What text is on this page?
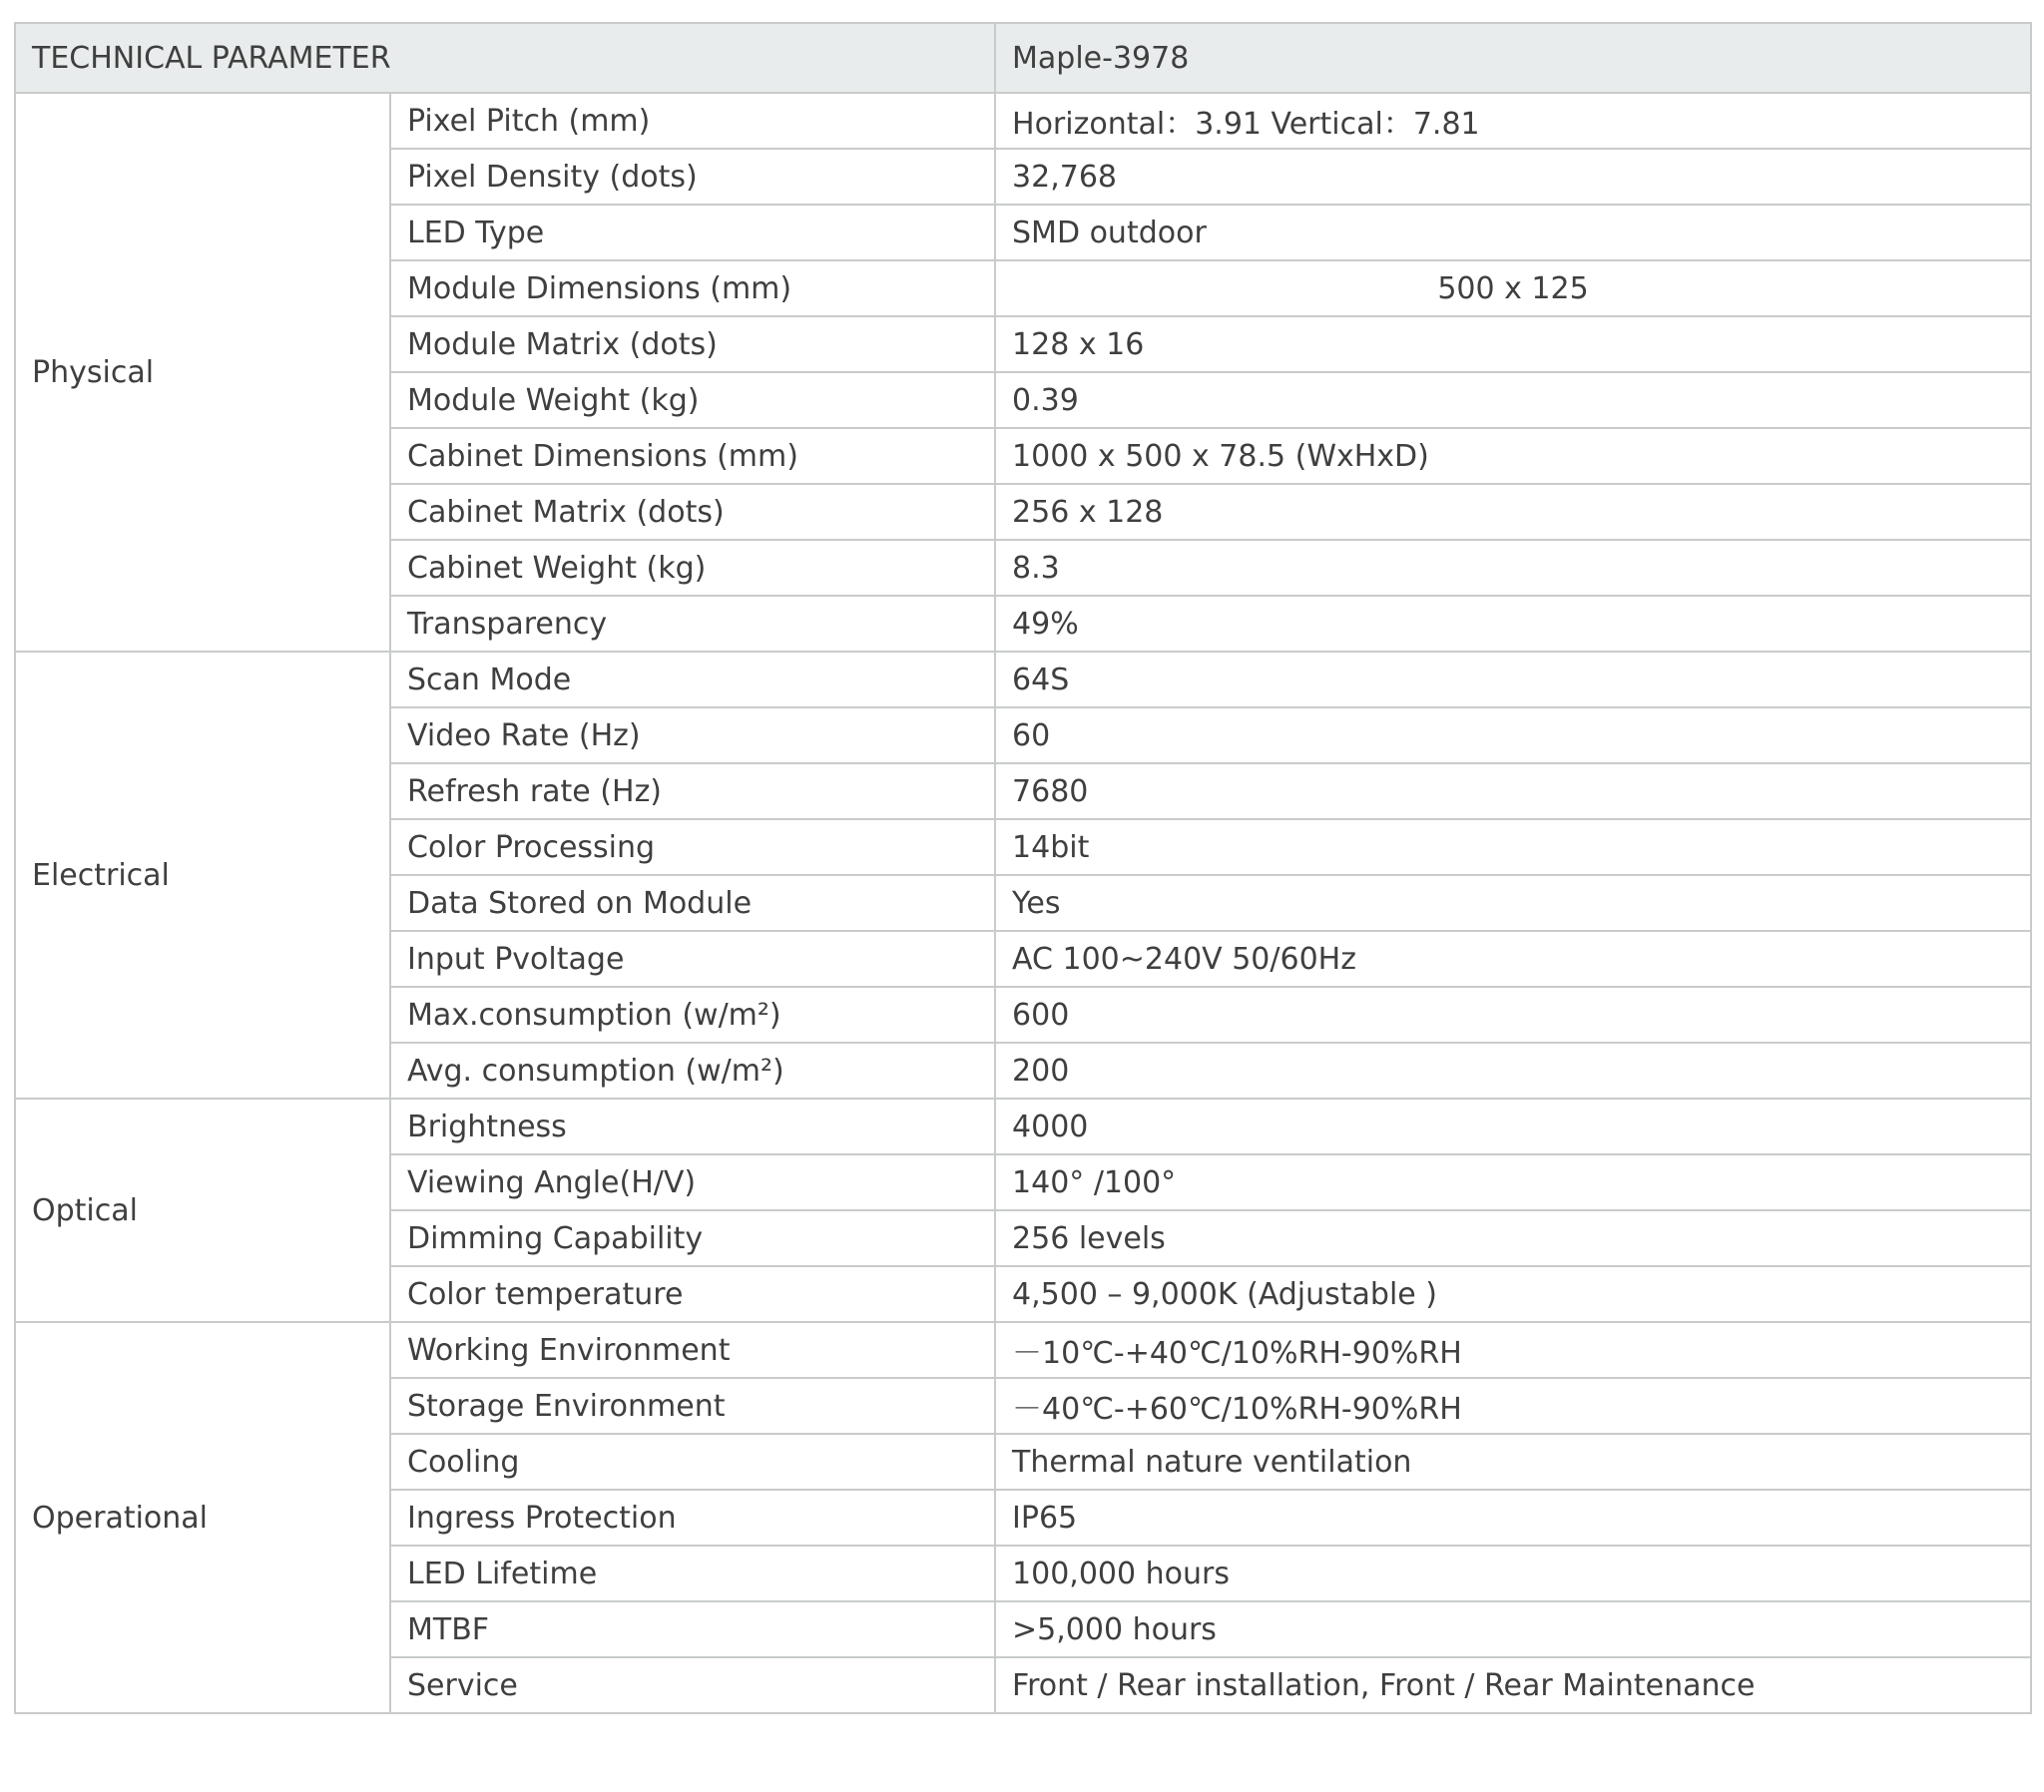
TECHNICAL PARAMETER		Maple-3978
Physical	Pixel Pitch (mm)	Horizontal：3.91 Vertical：7.81
	Pixel Density (dots)	32,768
	LED Type	SMD outdoor
	Module Dimensions (mm)	500 x 125
	Module Matrix (dots)	128 x 16
	Module Weight (kg)	0.39
	Cabinet Dimensions (mm)	1000 x 500 x 78.5 (WxHxD)
	Cabinet Matrix (dots)	256 x 128
	Cabinet Weight (kg)	8.3
	Transparency	49%
Electrical	Scan Mode	64S
	Video Rate (Hz)	60
	Refresh rate (Hz)	7680
	Color Processing	14bit
	Data Stored on Module	Yes
	Input Pvoltage	AC 100~240V 50/60Hz
	Max.consumption (w/m²)	600
	Avg. consumption (w/m²)	200
Optical	Brightness	4000
	Viewing Angle(H/V)	140° /100°
	Dimming Capability	256 levels
	Color temperature	4,500 – 9,000K (Adjustable )
Operational	Working Environment	－10℃-+40℃/10%RH-90%RH
	Storage Environment	－40℃-+60℃/10%RH-90%RH
	Cooling	Thermal nature ventilation
	Ingress Protection	IP65
	LED Lifetime	100,000 hours
	MTBF	>5,000 hours
	Service	Front / Rear installation, Front / Rear Maintenance
